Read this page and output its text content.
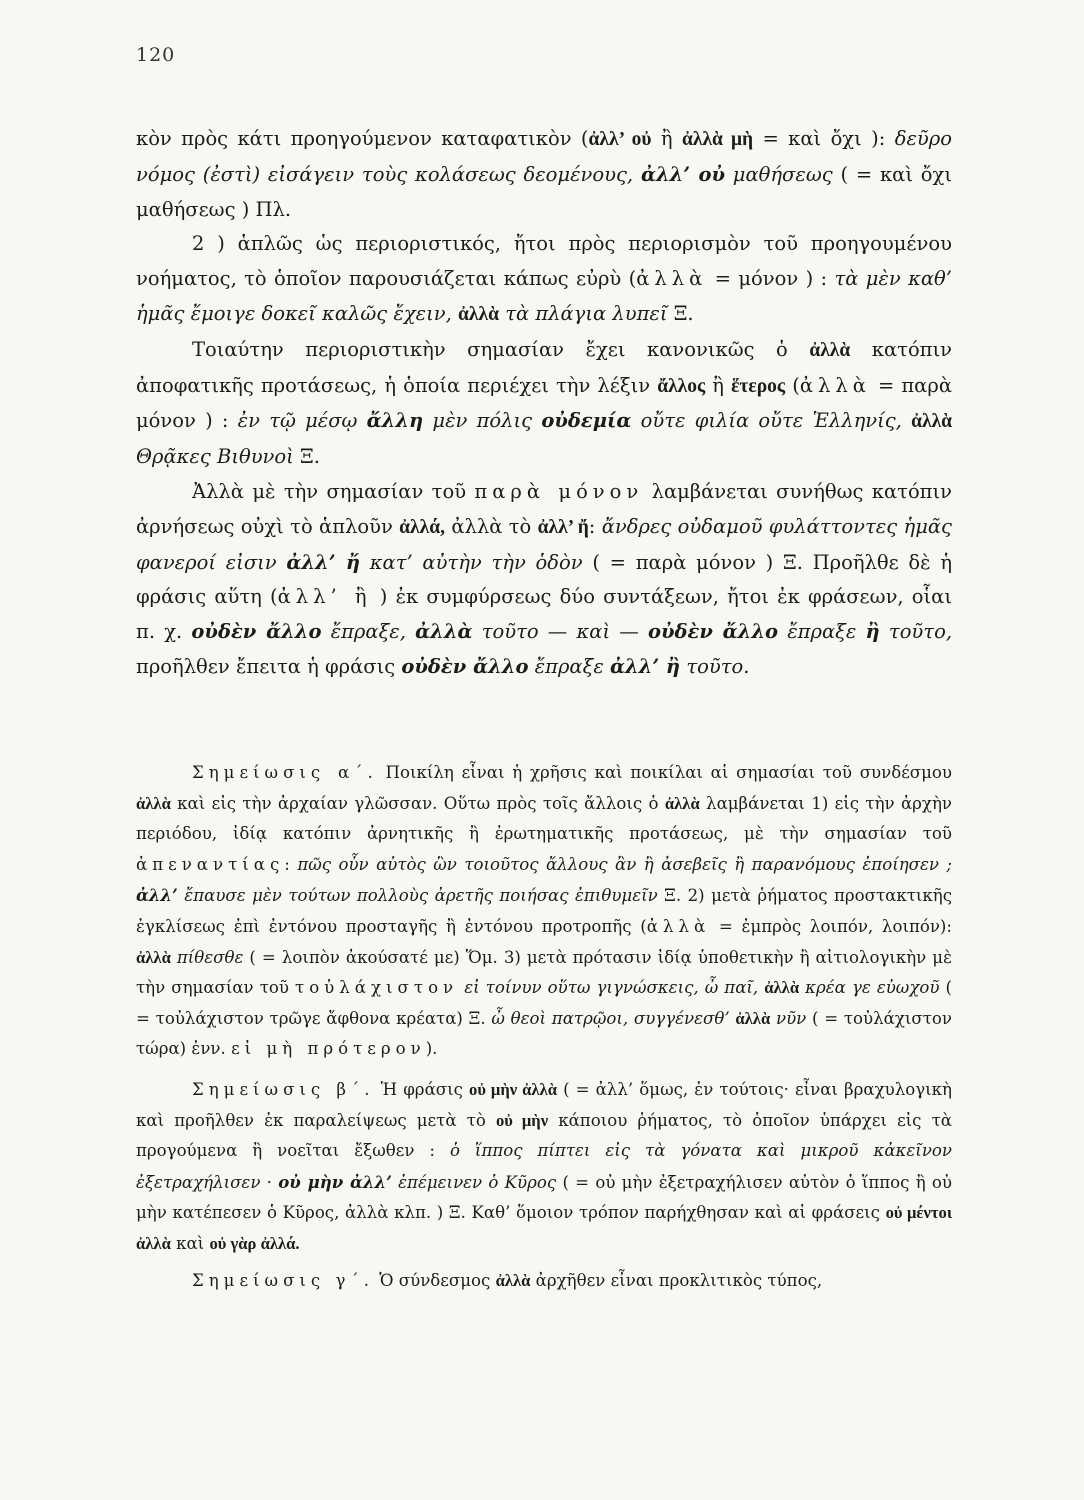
120

κὸν πρὸς κάτι προηγούμενον καταφατικὸν (ἀλλ’ οὐ ἢ ἀλλὰ μὴ = καὶ ὄχι ): δεῦρο νόμος (ἐστὶ) εἰσάγειν τοὺς κολάσεως δεομένους, ἀλλ’ οὐ μαθήσεως ( = καὶ ὄχι μαθήσεως ) Πλ.

2 ) ἁπλῶς ὡς περιοριστικός, ἤτοι πρὸς περιορισμὸν τοῦ προηγουμένου νοήματος, τὸ ὁποῖον παρουσιάζεται κάπως εὐρὺ (ἀλλὰ = μόνον ) : τὰ μὲν καθ’ ἡμᾶς ἔμοιγε δοκεῖ καλῶς ἔχειν, ἀλλὰ τὰ πλάγια λυπεῖ Ξ.

Τοιαύτην περιοριστικὴν σημασίαν ἔχει κανονικῶς ὁ ἀλλὰ κατόπιν ἀποφατικῆς προτάσεως, ἡ ὁποία περιέχει τὴν λέξιν ἄλλος ἢ ἕτερος (ἀλλὰ = παρὰ μόνον ) : ἐν τῷ μέσῳ ἄλλη μὲν πόλις οὐδεμία οὔτε φιλία οὔτε Ἑλληνίς, ἀλλὰ Θρᾷκες Βιθυνοὶ Ξ.

Ἀλλὰ μὲ τὴν σημασίαν τοῦ παρὰ μόνον λαμβάνεται συνήθως κατόπιν ἀρνήσεως οὐχὶ τὸ ἁπλοῦν ἀλλά, ἀλλὰ τὸ ἀλλ’ ἤ: ἄνδρες οὐδαμοῦ φυλάττοντες ἡμᾶς φανεροί εἰσιν ἀλλ’ ἤ κατ’ αὐτὴν τὴν ὁδὸν ( = παρὰ μόνον ) Ξ. Προῆλθε δὲ ἡ φράσις αὕτη (ἀλλ’ ἢ ) ἐκ συμφύρσεως δύο συντάξεων, ἤτοι ἐκ φράσεων, οἷαι π. χ. οὐδὲν ἄλλο ἔπραξε, ἀλλὰ τοῦτο — καὶ — οὐδὲν ἄλλο ἔπραξε ἢ τοῦτο, προῆλθεν ἔπειτα ἡ φράσις οὐδὲν ἄλλο ἔπραξε ἀλλ’ ἢ τοῦτο.

Σημείωσις α΄. Ποικίλη εἶναι ἡ χρῆσις καὶ ποικίλαι αἱ σημασίαι τοῦ συνδέσμου ἀλλὰ καὶ εἰς τὴν ἀρχαίαν γλῶσσαν. Οὕτω πρὸς τοῖς ἄλλοις ὁ ἀλλὰ λαμβάνεται 1) εἰς τὴν ἀρχὴν περιόδου, ἰδίᾳ κατόπιν ἀρνητικῆς ἢ ἐρωτηματικῆς προτάσεως, μὲ τὴν σημασίαν τοῦ ἀπεναντίας: πῶς οὖν αὐτὸς ὢν τοιοῦτος ἄλλους ἂν ἢ ἀσεβεῖς ἢ παρανόμους ἐποίησεν ; ἀλλ’ ἔπαυσε μὲν τούτων πολλοὺς ἀρετῆς ποιήσας ἐπιθυμεῖν Ξ. 2) μετὰ ῥήματος προστακτικῆς ἐγκλίσεως ἐπὶ ἐντόνου προσταγῆς ἢ ἐντόνου προτροπῆς (ἀλλὰ = ἐμπρὸς λοιπόν, λοιπόν): ἀλλὰ πίθεσθε ( = λοιπὸν ἀκούσατέ με) Ὅμ. 3) μετὰ πρότασιν ἰδίᾳ ὑποθετικὴν ἢ αἰτιολογικὴν μὲ τὴν σημασίαν τοῦ τοὐλάχιστον εἰ τοίνυν οὕτω γιγνώσκεις, ὦ παῖ, ἀλλὰ κρέα γε εὐωχοῦ ( = τοὐλάχιστον τρῶγε ἄφθονα κρέατα) Ξ. ὦ θεοὶ πατρῷοι, συγγένεσθ’ ἀλλὰ νῦν ( = τοὐλάχιστον τώρα) ἐνν. εἰ μὴ πρότερον).

Σημείωσις β΄. Ἡ φράσις οὐ μὴν ἀλλὰ ( = ἀλλ’ ὅμως, ἐν τούτοις· εἶναι βραχυλογικὴ καὶ προῆλθεν ἐκ παραλείψεως μετὰ τὸ οὐ μὴν κάποιου ῥήματος, τὸ ὁποῖον ὑπάρχει εἰς τὰ προγούμενα ἢ νοεῖται ἔξωθεν : ὁ ἵππος πίπτει εἰς τὰ γόνατα καὶ μικροῦ κἀκεῖνον ἐξετραχήλισεν · οὐ μὴν ἀλλ’ ἐπέμεινεν ὁ Κῦρος ( = οὐ μὴν ἐξετραχήλισεν αὐτὸν ὁ ἵππος ἢ οὐ μὴν κατέπεσεν ὁ Κῦρος, ἀλλὰ κλπ. ) Ξ. Καθ’ ὅμοιον τρόπον παρήχθησαν καὶ αἱ φράσεις οὐ μέντοι ἀλλὰ καὶ οὐ γὰρ ἀλλά.

Σημείωσις γ΄. Ὁ σύνδεσμος ἀλλὰ ἀρχῆθεν εἶναι προκλιτικὸς τύπος,
